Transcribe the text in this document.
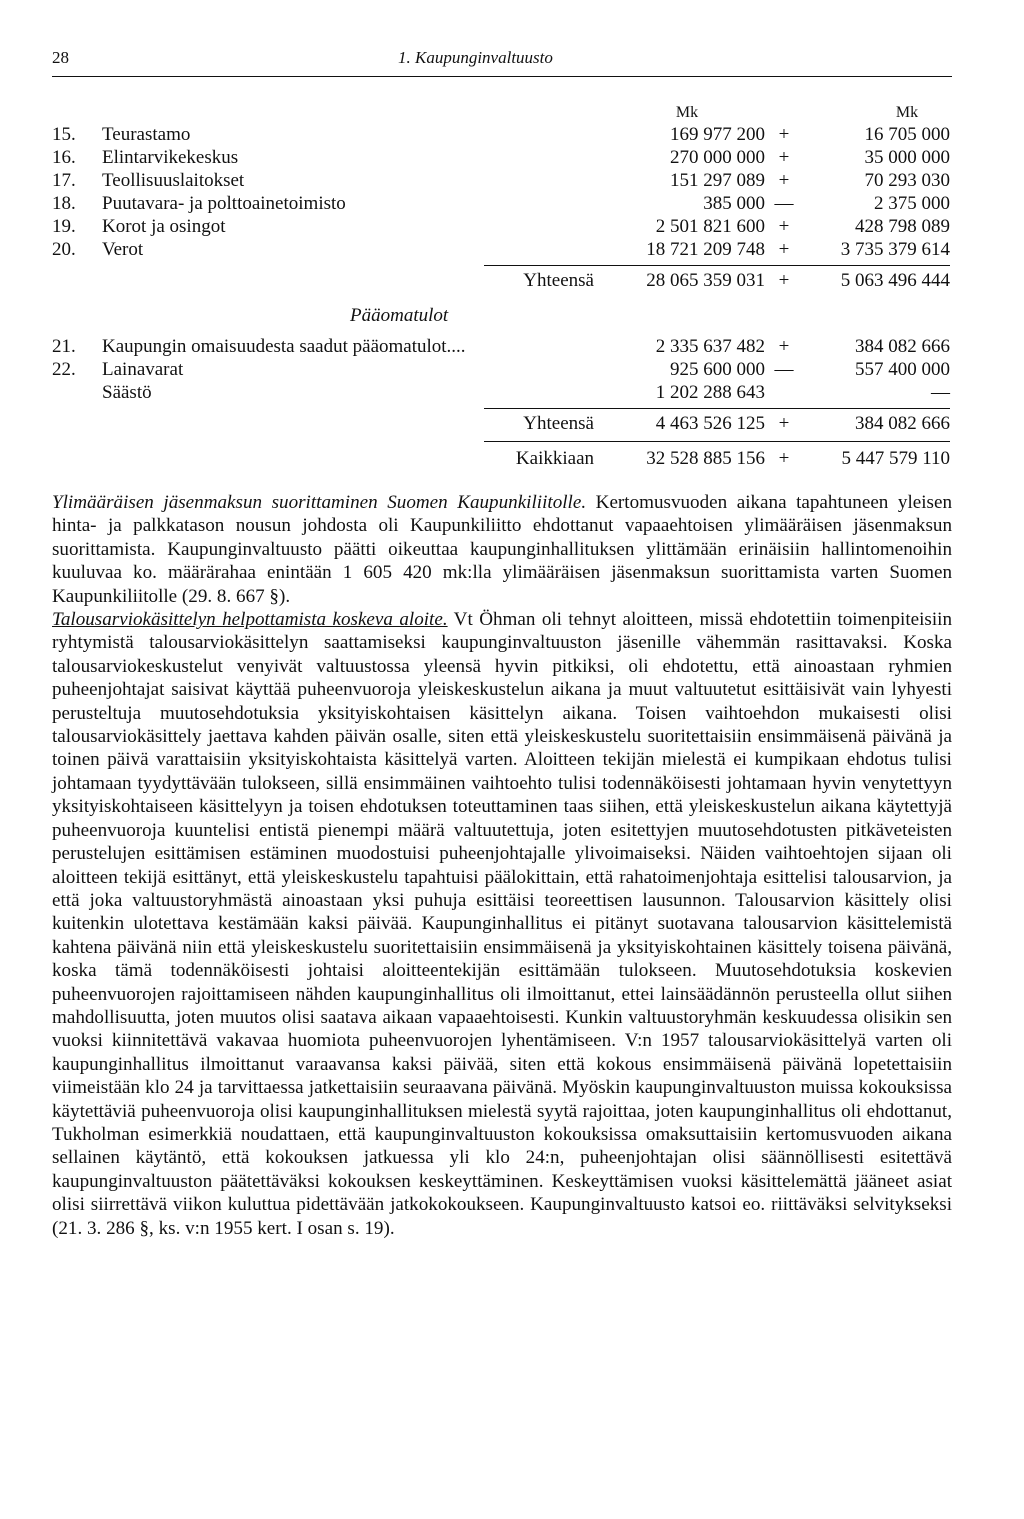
28	1. Kaupunginvaltuusto
Mk	Mk
15.	Teurastamo .....	169 977 200 +	16 705 000
16.	Elintarvikekeskus .....	270 000 000 +	35 000 000
17.	Teollisuuslaitokset .....	151 297 089 +	70 293 030
18.	Puutavara- ja polttoainetoimisto .....	385 000 —	2 375 000
19.	Korot ja osingot .....	2 501 821 600 +	428 798 089
20.	Verot .....	18 721 209 748 +	3 735 379 614
Yhteensä	28 065 359 031 +	5 063 496 444
Pääomatulot
21.	Kaupungin omaisuudesta saadut pääomatulot.... .....	2 335 637 482 +	384 082 666
22.	Lainavarat .....	925 600 000 —	557 400 000
Säästö .....	1 202 288 643	—
Yhteensä	4 463 526 125 +	384 082 666
Kaikkiaan	32 528 885 156 +	5 447 579 110

Ylimääräisen jäsenmaksun suorittaminen Suomen Kaupunkiliitolle. Kertomusvuoden aikana tapahtuneen yleisen hinta- ja palkkatason nousun johdosta oli Kaupunkiliitto ehdottanut vapaaehtoisen ylimääräisen jäsenmaksun suorittamista. Kaupunginvaltuusto päätti oikeuttaa kaupunginhallituksen ylittämään erinäisiin hallintomenoihin kuuluvaa ko. määrärahaa enintään 1 605 420 mk:lla ylimääräisen jäsenmaksun suorittamista varten Suomen Kaupunkiliitolle (29. 8. 667 §).

Talousarviokäsittelyn helpottamista koskeva aloite. Vt Öhman oli tehnyt aloitteen, missä ehdotettiin toimenpiteisiin ryhtymistä talousarviokäsittelyn saattamiseksi kaupunginvaltuuston jäsenille vähemmän rasittavaksi. Koska talousarviokeskustelut venyivät valtuustossa yleensä hyvin pitkiksi, oli ehdotettu, että ainoastaan ryhmien puheenjohtajat saisivat käyttää puheenvuoroja yleiskeskustelun aikana ja muut valtuutetut esittäisivät vain lyhyesti perusteltuja muutosehdotuksia yksityiskohtaisen käsittelyn aikana. Toisen vaihtoehdon mukaisesti olisi talousarviokäsittely jaettava kahden päivän osalle, siten että yleiskeskustelu suoritettaisiin ensimmäisenä päivänä ja toinen päivä varattaisiin yksityiskohtaista käsittelyä varten. Aloitteen tekijän mielestä ei kumpikaan ehdotus tulisi johtamaan tyydyttävään tulokseen, sillä ensimmäinen vaihtoehto tulisi todennäköisesti johtamaan hyvin venytettyyn yksityiskohtaiseen käsittelyyn ja toisen ehdotuksen toteuttaminen taas siihen, että yleiskeskustelun aikana käytettyjä puheenvuoroja kuuntelisi entistä pienempi määrä valtuutettuja, joten esitettyjen muutosehdotusten pitkäveteisten perustelujen esittämisen estäminen muodostuisi puheenjohtajalle ylivoimaiseksi. Näiden vaihtoehtojen sijaan oli aloitteen tekijä esittänyt, että yleiskeskustelu tapahtuisi päälokittain, että rahatoimenjohtaja esittelisi talousarvion, ja että joka valtuustoryhmästä ainoastaan yksi puhuja esittäisi teoreettisen lausunnon. Talousarvion käsittely olisi kuitenkin ulotettava kestämään kaksi päivää. Kaupunginhallitus ei pitänyt suotavana talousarvion käsittelemistä kahtena päivänä niin että yleiskeskustelu suoritettaisiin ensimmäisenä ja yksityiskohtainen käsittely toisena päivänä, koska tämä todennäköisesti johtaisi aloitteentekijän esittämään tulokseen. Muutosehdotuksia koskevien puheenvuorojen rajoittamiseen nähden kaupunginhallitus oli ilmoittanut, ettei lainsäädännön perusteella ollut siihen mahdollisuutta, joten muutos olisi saatava aikaan vapaaehtoisesti. Kunkin valtuustoryhmän keskuudessa olisikin sen vuoksi kiinnitettävä vakavaa huomiota puheenvuorojen lyhentämiseen. V:n 1957 talousarviokäsittelyä varten oli kaupunginhallitus ilmoittanut varaavansa kaksi päivää, siten että kokous ensimmäisenä päivänä lopetettaisiin viimeistään klo 24 ja tarvittaessa jatkettaisiin seuraavana päivänä. Myöskin kaupunginvaltuuston muissa kokouksissa käytettäviä puheenvuoroja olisi kaupunginhallituksen mielestä syytä rajoittaa, joten kaupunginhallitus oli ehdottanut, Tukholman esimerkkiä noudattaen, että kaupunginvaltuuston kokouksissa omaksuttaisiin kertomusvuoden aikana sellainen käytäntö, että kokouksen jatkuessa yli klo 24:n, puheenjohtajan olisi säännöllisesti esitettävä kaupunginvaltuuston päätettäväksi kokouksen keskeyttäminen. Keskeyttämisen vuoksi käsittelemättä jääneet asiat olisi siirrettävä viikon kuluttua pidettävään jatkokokoukseen. Kaupunginvaltuusto katsoi eo. riittäväksi selvitykseksi (21. 3. 286 §, ks. v:n 1955 kert. I osan s. 19).
